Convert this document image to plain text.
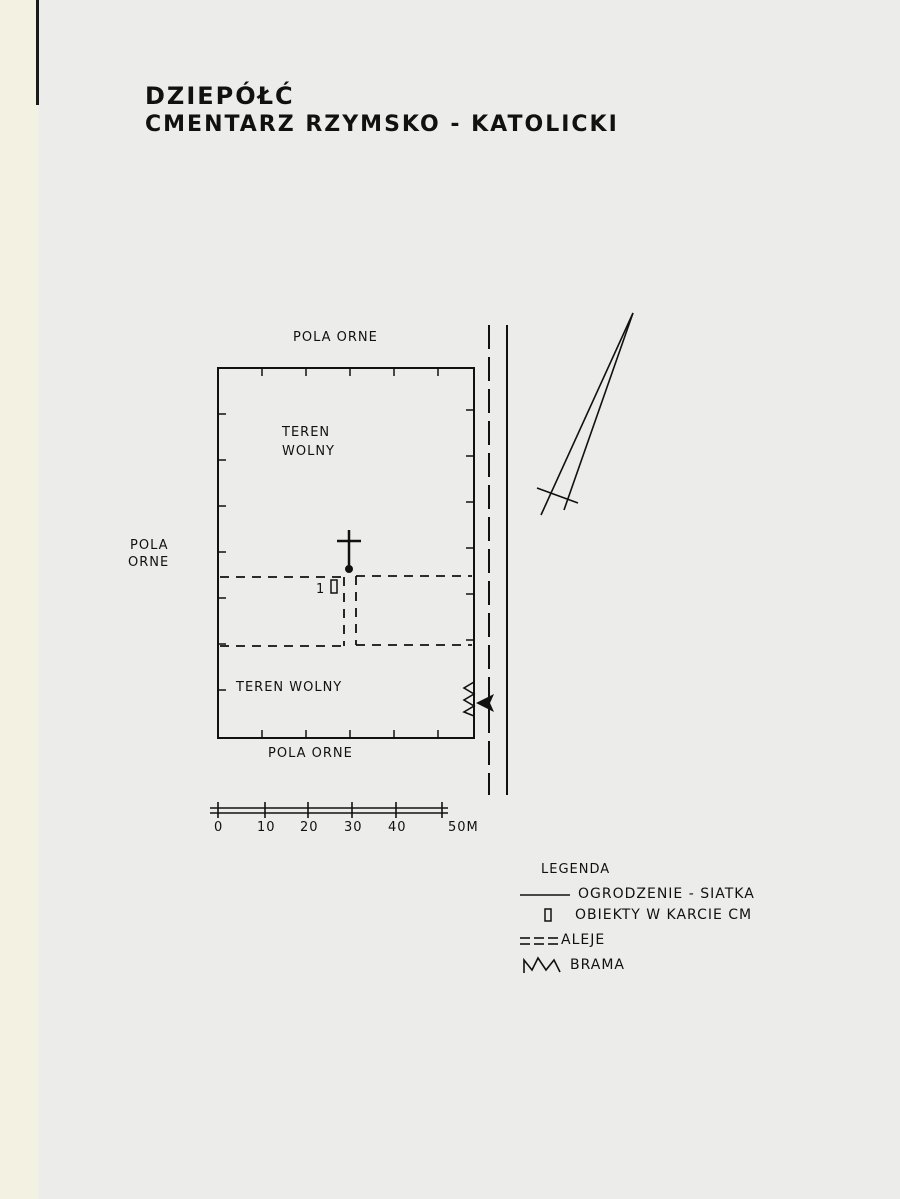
DZIEPÓŁĆ
CMENTARZ RZYMSKO - KATOLICKI
POLA ORNE
POLA
ORNE
POLA ORNE
TEREN
WOLNY
TEREN WOLNY
1
0	10 20 30 40	50M
LEGENDA
OGRODZENIE - SIATKA
OBIEKTY W KARCIE CM
ALEJE
BRAMA
